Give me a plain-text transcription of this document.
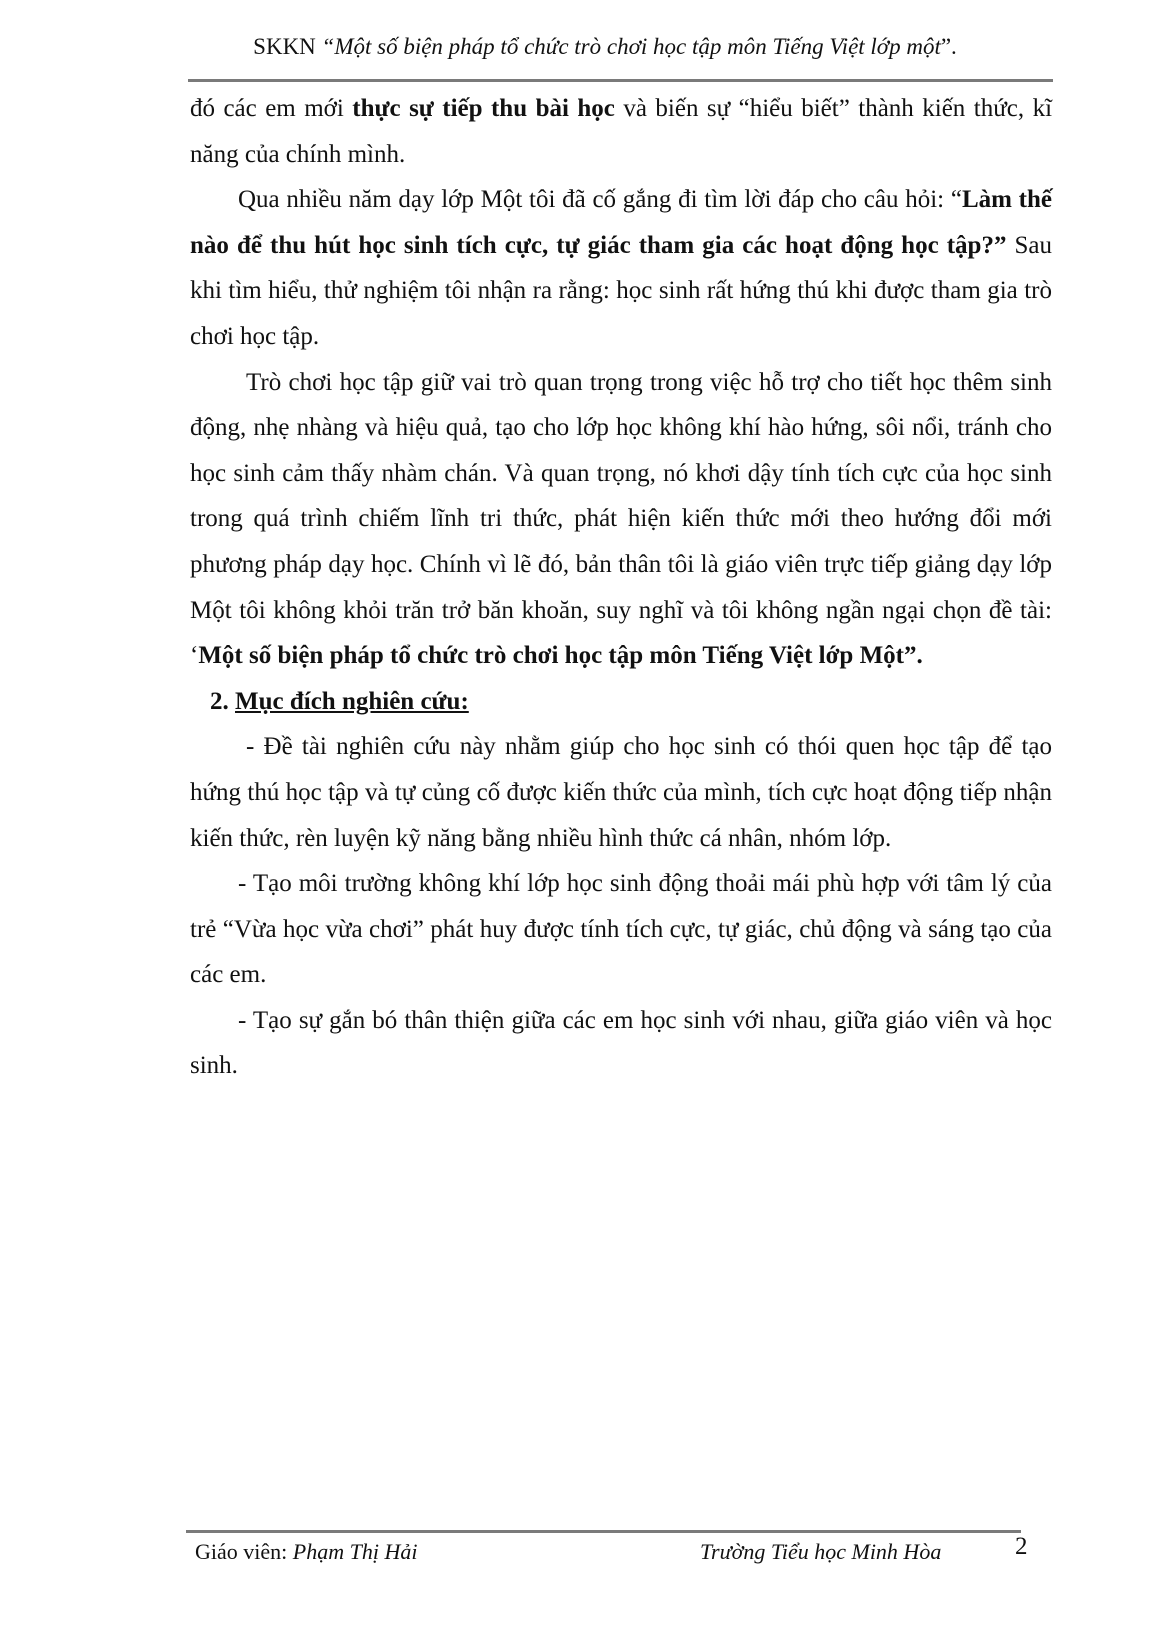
SKKN “Một số biện pháp tổ chức trò chơi học tập môn Tiếng Việt lớp một”.

đó các em mới thực sự tiếp thu bài học và biến sự “hiểu biết” thành kiến thức, kĩ năng của chính mình.

Qua nhiều năm dạy lớp Một tôi đã cố gắng đi tìm lời đáp cho câu hỏi: “Làm thế nào để thu hút học sinh tích cực, tự giác tham gia các hoạt động học tập?” Sau khi tìm hiểu, thử nghiệm tôi nhận ra rằng: học sinh rất hứng thú khi được tham gia trò chơi học tập.

Trò chơi học tập giữ vai trò quan trọng trong việc hỗ trợ cho tiết học thêm sinh động, nhẹ nhàng và hiệu quả, tạo cho lớp học không khí hào hứng, sôi nổi, tránh cho học sinh cảm thấy nhàm chán. Và quan trọng, nó khơi dậy tính tích cực của học sinh trong quá trình chiếm lĩnh tri thức, phát hiện kiến thức mới theo hướng đổi mới phương pháp dạy học. Chính vì lẽ đó, bản thân tôi là giáo viên trực tiếp giảng dạy lớp Một tôi không khỏi trăn trở băn khoăn, suy nghĩ và tôi không ngần ngại chọn đề tài: ‘Một số biện pháp tổ chức trò chơi học tập môn Tiếng Việt lớp Một”.

2. Mục đích nghiên cứu:

- Đề tài nghiên cứu này nhằm giúp cho học sinh có thói quen học tập để tạo hứng thú học tập và tự củng cố được kiến thức của mình, tích cực hoạt động tiếp nhận kiến thức, rèn luyện kỹ năng bằng nhiều hình thức cá nhân, nhóm lớp.

- Tạo môi trường không khí lớp học sinh động thoải mái phù hợp với tâm lý của trẻ “Vừa học vừa chơi” phát huy được tính tích cực, tự giác, chủ động và sáng tạo của các em.

- Tạo sự gắn bó thân thiện giữa các em học sinh với nhau, giữa giáo viên và học sinh.

Giáo viên: Phạm Thị Hải	Trường Tiểu học Minh Hòa	2
